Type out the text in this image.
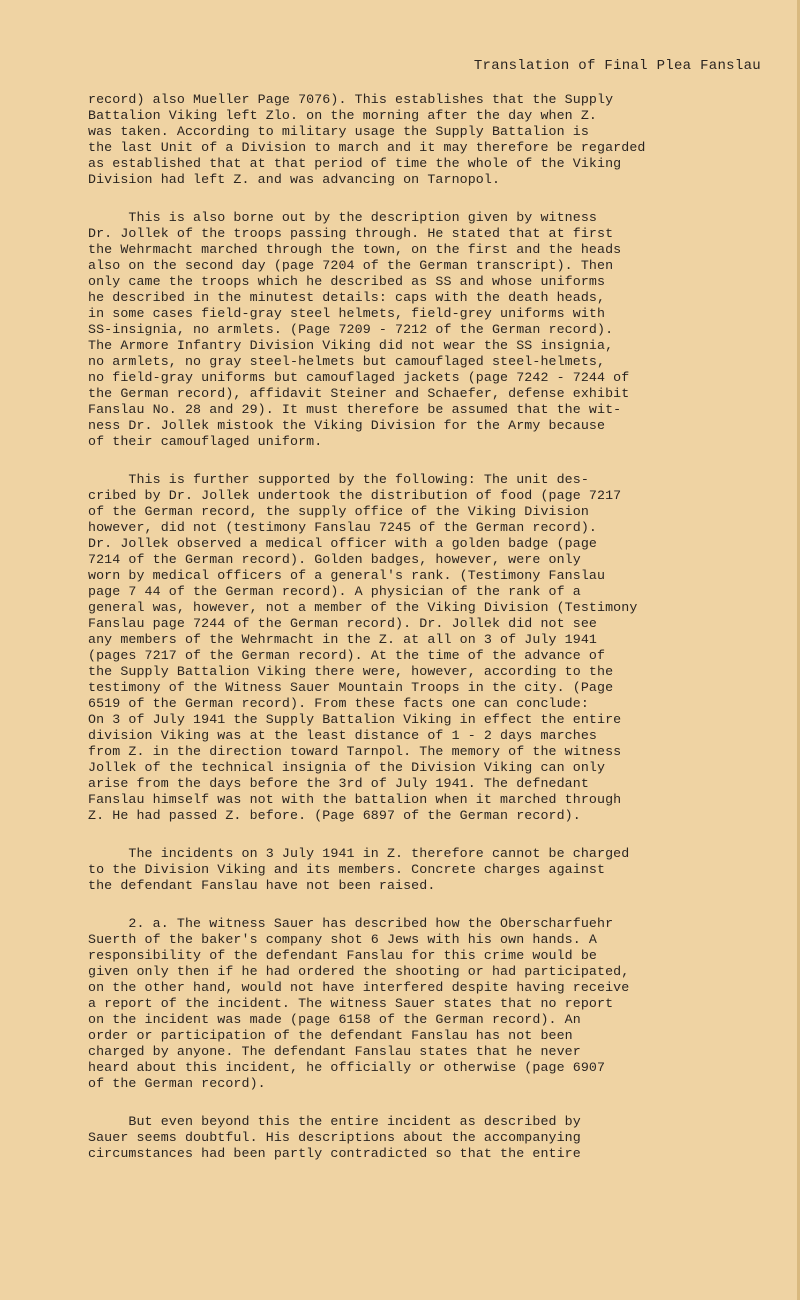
Translation of Final Plea Fanslau
record) also Mueller Page 7076). This establishes that the Supply
Battalion Viking left Zlo. on the morning after the day when Z.
was taken. According to military usage the Supply Battalion is
the last Unit of a Division to march and it may therefore be regarded
as established that at that period of time the whole of the Viking
Division had left Z. and was advancing on Tarnopol.
This is also borne out by the description given by witness
Dr. Jollek of the troops passing through. He stated that at first
the Wehrmacht marched through the town, on the first and the heads
also on the second day (page 7204 of the German transcript). Then
only came the troops which he described as SS and whose uniforms
he described in the minutest details: caps with the death heads,
in some cases field-gray steel helmets, field-grey uniforms with
SS-insignia, no armlets. (Page 7209 - 7212 of the German record).
The Armore Infantry Division Viking did not wear the SS insignia,
no armlets, no gray steel-helmets but camouflaged steel-helmets,
no field-gray uniforms but camouflaged jackets (page 7242 - 7244 of
the German record), affidavit Steiner and Schaefer, defense exhibit
Fanslau No. 28 and 29). It must therefore be assumed that the wit-
ness Dr. Jollek mistook the Viking Division for the Army because
of their camouflaged uniform.
This is further supported by the following: The unit des-
cribed by Dr. Jollek undertook the distribution of food (page 7217
of the German record, the supply office of the Viking Division
however, did not (testimony Fanslau 7245 of the German record).
Dr. Jollek observed a medical officer with a golden badge (page
7214 of the German record). Golden badges, however, were only
worn by medical officers of a general's rank. (Testimony Fanslau
page 7 44 of the German record). A physician of the rank of a
general was, however, not a member of the Viking Division (Testimony
Fanslau page 7244 of the German record). Dr. Jollek did not see
any members of the Wehrmacht in the Z. at all on 3 of July 1941
(pages 7217 of the German record). At the time of the advance of
the Supply Battalion Viking there were, however, according to the
testimony of the Witness Sauer Mountain Troops in the city. (Page
6519 of the German record). From these facts one can conclude:
On 3 of July 1941 the Supply Battalion Viking in effect the entire
division Viking was at the least distance of 1 - 2 days marches
from Z. in the direction toward Tarnpol. The memory of the witness
Jollek of the technical insignia of the Division Viking can only
arise from the days before the 3rd of July 1941. The defnedant
Fanslau himself was not with the battalion when it marched through
Z. He had passed Z. before. (Page 6897 of the German record).
The incidents on 3 July 1941 in Z. therefore cannot be charged
to the Division Viking and its members. Concrete charges against
the defendant Fanslau have not been raised.
2. a. The witness Sauer has described how the Oberscharfuehr
Suerth of the baker's company shot 6 Jews with his own hands. A
responsibility of the defendant Fanslau for this crime would be
given only then if he had ordered the shooting or had participated,
on the other hand, would not have interfered despite having receive
a report of the incident. The witness Sauer states that no report
on the incident was made (page 6158 of the German record). An
order or participation of the defendant Fanslau has not been
charged by anyone. The defendant Fanslau states that he never
heard about this incident, he officially or otherwise (page 6907
of the German record).
But even beyond this the entire incident as described by
Sauer seems doubtful. His descriptions about the accompanying
circumstances had been partly contradicted so that the entire
